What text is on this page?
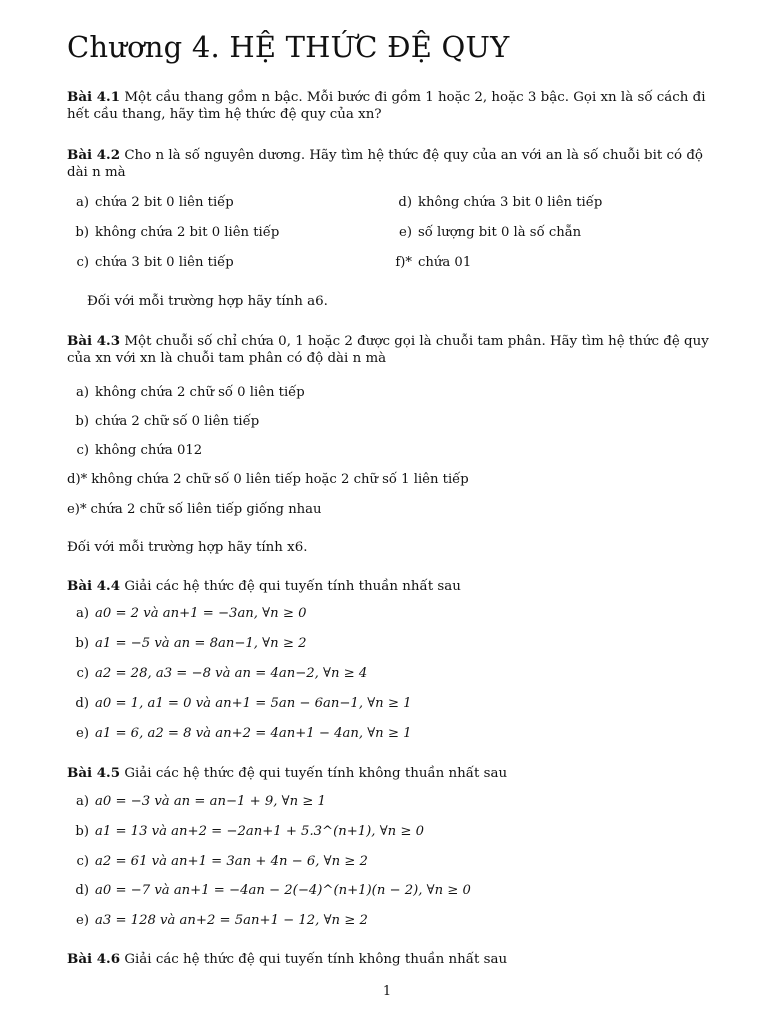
Chương 4. HỆ THỨC ĐỆ QUY
Bài 4.1 Một cầu thang gồm n bậc. Mỗi bước đi gồm 1 hoặc 2, hoặc 3 bậc. Gọi xn là số cách đi
hết cầu thang, hãy tìm hệ thức đệ quy của xn?
Bài 4.2 Cho n là số nguyên dương. Hãy tìm hệ thức đệ quy của an với an là số chuỗi bit có độ
dài n mà
a) chứa 2 bit 0 liên tiếp	d) không chứa 3 bit 0 liên tiếp
b) không chứa 2 bit 0 liên tiếp	e) số lượng bit 0 là số chẵn
c) chứa 3 bit 0 liên tiếp	f)* chứa 01
Đối với mỗi trường hợp hãy tính a6.
Bài 4.3 Một chuỗi số chỉ chứa 0, 1 hoặc 2 được gọi là chuỗi tam phân. Hãy tìm hệ thức đệ quy
của xn với xn là chuỗi tam phân có độ dài n mà
a) không chứa 2 chữ số 0 liên tiếp
b) chứa 2 chữ số 0 liên tiếp
c) không chứa 012
d)* không chứa 2 chữ số 0 liên tiếp hoặc 2 chữ số 1 liên tiếp
e)* chứa 2 chữ số liên tiếp giống nhau
Đối với mỗi trường hợp hãy tính x6.
Bài 4.4 Giải các hệ thức đệ qui tuyến tính thuần nhất sau
a) a0 = 2 và an+1 = −3an, ∀n ≥ 0
b) a1 = −5 và an = 8an−1, ∀n ≥ 2
c) a2 = 28, a3 = −8 và an = 4an−2, ∀n ≥ 4
d) a0 = 1, a1 = 0 và an+1 = 5an − 6an−1, ∀n ≥ 1
e) a1 = 6, a2 = 8 và an+2 = 4an+1 − 4an, ∀n ≥ 1
Bài 4.5 Giải các hệ thức đệ qui tuyến tính không thuần nhất sau
a) a0 = −3 và an = an−1 + 9, ∀n ≥ 1
b) a1 = 13 và an+2 = −2an+1 + 5.3^(n+1), ∀n ≥ 0
c) a2 = 61 và an+1 = 3an + 4n − 6, ∀n ≥ 2
d) a0 = −7 và an+1 = −4an − 2(−4)^(n+1)(n − 2), ∀n ≥ 0
e) a3 = 128 và an+2 = 5an+1 − 12, ∀n ≥ 2
Bài 4.6 Giải các hệ thức đệ qui tuyến tính không thuần nhất sau
1
